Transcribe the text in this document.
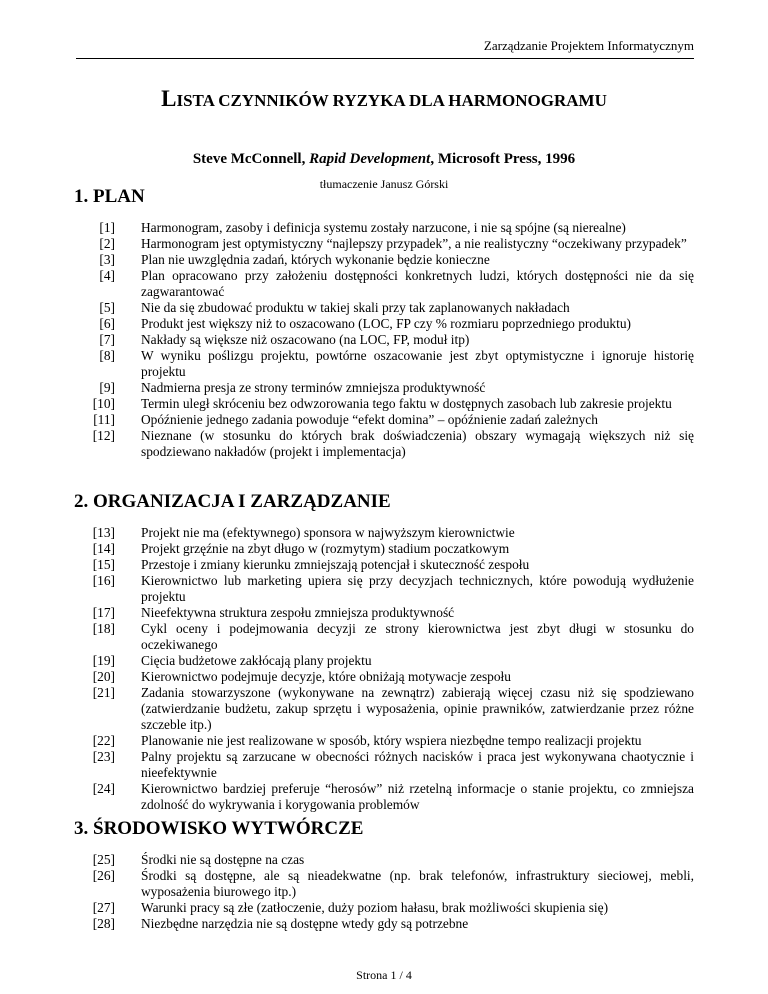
Zarządzanie Projektem Informatycznym
LISTA CZYNNIKÓW RYZYKA DLA HARMONOGRAMU
Steve McConnell, Rapid Development, Microsoft Press, 1996
tłumaczenie Janusz Górski
1. PLAN
[1]	Harmonogram, zasoby i definicja systemu zostały narzucone, i nie są spójne (są nierealne)
[2]	Harmonogram jest optymistyczny “najlepszy przypadek”, a nie realistyczny “oczekiwany przypadek”
[3]	Plan nie uwzględnia zadań, których wykonanie będzie konieczne
[4]	Plan opracowano przy założeniu dostępności konkretnych ludzi, których dostępności nie da się zagwarantować
[5]	Nie da się zbudować produktu w takiej skali przy tak zaplanowanych nakładach
[6]	Produkt jest większy niż to oszacowano (LOC, FP czy % rozmiaru poprzedniego produktu)
[7]	Nakłady są większe niż oszacowano (na LOC, FP, moduł itp)
[8]	W wyniku poślizgu projektu, powtórne oszacowanie jest zbyt optymistyczne i ignoruje historię projektu
[9]	Nadmierna presja ze strony terminów zmniejsza produktywność
[10]	Termin uległ skróceniu bez odwzorowania tego faktu w dostępnych zasobach lub zakresie projektu
[11]	Opóźnienie jednego zadania powoduje “efekt domina” – opóźnienie zadań zależnych
[12]	Nieznane (w stosunku do których brak doświadczenia) obszary wymagają większych niż się spodziewano nakładów (projekt i implementacja)
2. ORGANIZACJA I ZARZĄDZANIE
[13]	Projekt nie ma (efektywnego) sponsora w najwyższym kierownictwie
[14]	Projekt grzęźnie na zbyt długo w (rozmytym) stadium poczatkowym
[15]	Przestoje i zmiany kierunku zmniejszają potencjał i skuteczność zespołu
[16]	Kierownictwo lub marketing upiera się przy decyzjach technicznych, które powodują wydłużenie projektu
[17]	Nieefektywna struktura zespołu zmniejsza produktywność
[18]	Cykl oceny i podejmowania decyzji ze strony kierownictwa jest zbyt długi w stosunku do oczekiwanego
[19]	Cięcia budżetowe zakłócają plany projektu
[20]	Kierownictwo podejmuje decyzje, które obniżają motywacje zespołu
[21]	Zadania stowarzyszone (wykonywane na zewnątrz) zabierają więcej czasu niż się spodziewano (zatwierdzanie budżetu, zakup sprzętu i wyposażenia, opinie prawników, zatwierdzanie przez różne szczeble itp.)
[22]	Planowanie nie jest realizowane w sposób, który wspiera niezbędne tempo realizacji projektu
[23]	Palny projektu są zarzucane w obecności różnych nacisków i praca jest wykonywana chaotycznie i nieefektywnie
[24]	Kierownictwo bardziej preferuje “herosów” niż rzetelną informacje o stanie projektu, co zmniejsza zdolność do wykrywania i korygowania problemów
3. ŚRODOWISKO WYTWÓRCZE
[25]	Środki nie są dostępne na czas
[26]	Środki są dostępne, ale są nieadekwatne (np. brak telefonów, infrastruktury sieciowej, mebli, wyposażenia biurowego itp.)
[27]	Warunki pracy są złe (zatłoczenie, duży poziom hałasu, brak możliwości skupienia się)
[28]	Niezbędne narzędzia nie są dostępne wtedy gdy są potrzebne
Strona 1 / 4
